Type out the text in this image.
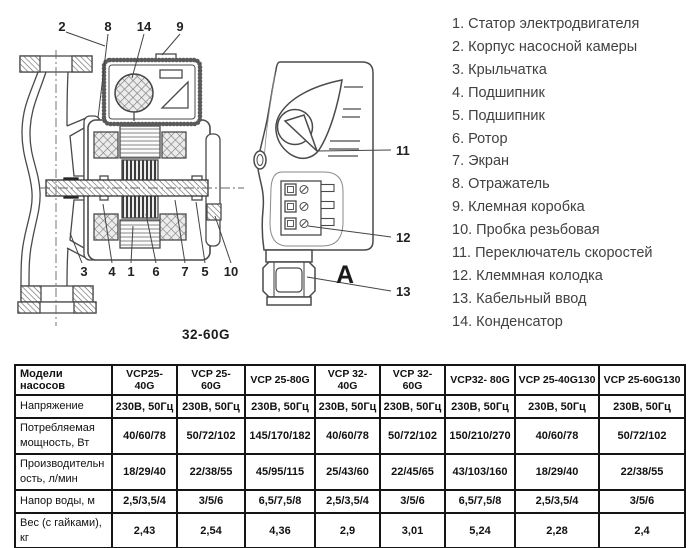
2	8 14 9
3 4 1 6 7 5 10
32-60G
11
12
13
A
1. Статор электродвигателя
2. Корпус насосной камеры
3. Крыльчатка
4. Подшипник
5. Подшипник
6. Ротор
7. Экран
8. Отражатель
9. Клемная коробка
10. Пробка резьбовая
11. Переключатель скоростей
12. Клеммная колодка
13. Кабельный ввод
14. Конденсатор
Модели насосов	VCP25- 40G	VCP 25- 60G	VCP 25-80G	VCP 32- 40G	VCP 32-60G	VCP32- 80G	VCP 25-40G130	VCP 25-60G130
Напряжение	230В, 50Гц	230В, 50Гц	230В, 50Гц	230В, 50Гц	230В, 50Гц	230В, 50Гц	230В, 50Гц	230В, 50Гц
Потребляемая мощность, Вт	40/60/78	50/72/102	145/170/182	40/60/78	50/72/102	150/210/270	40/60/78	50/72/102
Производительность, л/мин	18/29/40	22/38/55	45/95/115	25/43/60	22/45/65	43/103/160	18/29/40	22/38/55
Напор воды, м	2,5/3,5/4	3/5/6	6,5/7,5/8	2,5/3,5/4	3/5/6	6,5/7,5/8	2,5/3,5/4	3/5/6
Вес (с гайками), кг	2,43	2,54	4,36	2,9	3,01	5,24	2,28	2,4
